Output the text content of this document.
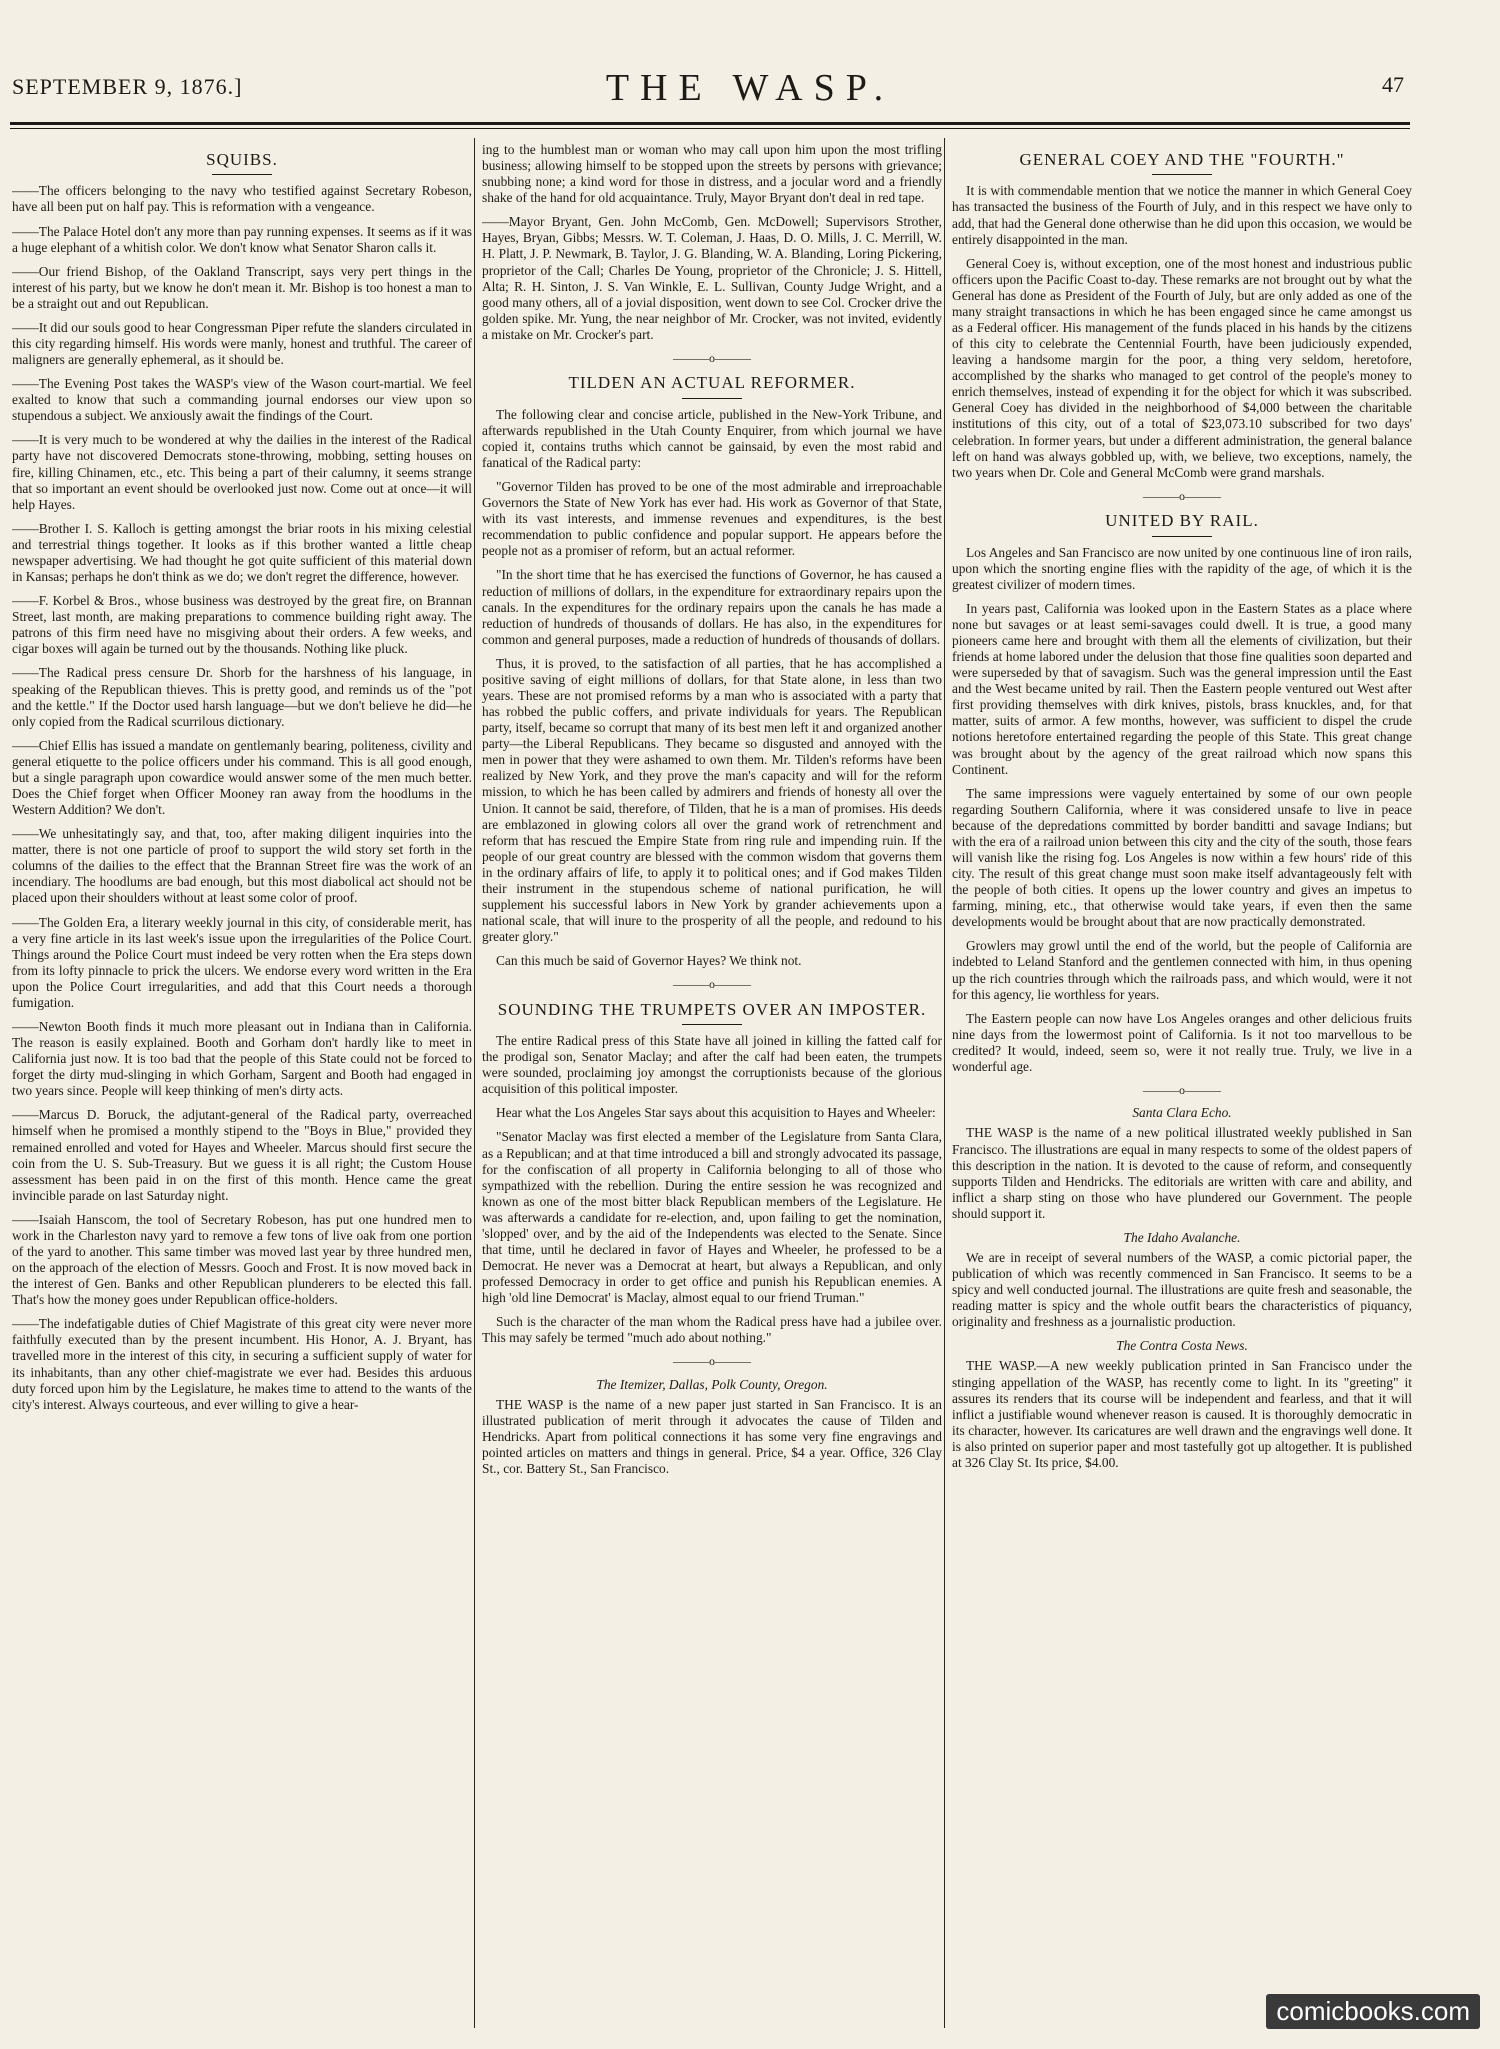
SEPTEMBER 9, 1876.]	THE WASP.	47
SQUIBS.

——The officers belonging to the navy who testified against Secretary Robeson, have all been put on half pay. This is reformation with a vengeance.

——The Palace Hotel don't any more than pay running expenses. It seems as if it was a huge elephant of a whitish color. We don't know what Senator Sharon calls it.

——Our friend Bishop, of the Oakland Transcript, says very pert things in the interest of his party, but we know he don't mean it. Mr. Bishop is too honest a man to be a straight out and out Republican.

——It did our souls good to hear Congressman Piper refute the slanders circulated in this city regarding himself. His words were manly, honest and truthful. The career of maligners are generally ephemeral, as it should be.

——The Evening Post takes the WASP's view of the Wason court-martial. We feel exalted to know that such a commanding journal endorses our view upon so stupendous a subject. We anxiously await the findings of the Court.

——It is very much to be wondered at why the dailies in the interest of the Radical party have not discovered Democrats stone-throwing, mobbing, setting houses on fire, killing Chinamen, etc., etc. This being a part of their calumny, it seems strange that so important an event should be overlooked just now. Come out at once—it will help Hayes.

——Brother I. S. Kalloch is getting amongst the briar roots in his mixing celestial and terrestrial things together. It looks as if this brother wanted a little cheap newspaper advertising. We had thought he got quite sufficient of this material down in Kansas; perhaps he don't think as we do; we don't regret the difference, however.

——F. Korbel & Bros., whose business was destroyed by the great fire, on Brannan Street, last month, are making preparations to commence building right away. The patrons of this firm need have no misgiving about their orders. A few weeks, and cigar boxes will again be turned out by the thousands. Nothing like pluck.

——The Radical press censure Dr. Shorb for the harshness of his language, in speaking of the Republican thieves. This is pretty good, and reminds us of the "pot and the kettle." If the Doctor used harsh language—but we don't believe he did—he only copied from the Radical scurrilous dictionary.

——Chief Ellis has issued a mandate on gentlemanly bearing, politeness, civility and general etiquette to the police officers under his command. This is all good enough, but a single paragraph upon cowardice would answer some of the men much better. Does the Chief forget when Officer Mooney ran away from the hoodlums in the Western Addition? We don't.

——We unhesitatingly say, and that, too, after making diligent inquiries into the matter, there is not one particle of proof to support the wild story set forth in the columns of the dailies to the effect that the Brannan Street fire was the work of an incendiary. The hoodlums are bad enough, but this most diabolical act should not be placed upon their shoulders without at least some color of proof.

——The Golden Era, a literary weekly journal in this city, of considerable merit, has a very fine article in its last week's issue upon the irregularities of the Police Court. Things around the Police Court must indeed be very rotten when the Era steps down from its lofty pinnacle to prick the ulcers. We endorse every word written in the Era upon the Police Court irregularities, and add that this Court needs a thorough fumigation.

——Newton Booth finds it much more pleasant out in Indiana than in California. The reason is easily explained. Booth and Gorham don't hardly like to meet in California just now. It is too bad that the people of this State could not be forced to forget the dirty mud-slinging in which Gorham, Sargent and Booth had engaged in two years since. People will keep thinking of men's dirty acts.

——Marcus D. Boruck, the adjutant-general of the Radical party, overreached himself when he promised a monthly stipend to the "Boys in Blue," provided they remained enrolled and voted for Hayes and Wheeler. Marcus should first secure the coin from the U. S. Sub-Treasury. But we guess it is all right; the Custom House assessment has been paid in on the first of this month. Hence came the great invincible parade on last Saturday night.

——Isaiah Hanscom, the tool of Secretary Robeson, has put one hundred men to work in the Charleston navy yard to remove a few tons of live oak from one portion of the yard to another. This same timber was moved last year by three hundred men, on the approach of the election of Messrs. Gooch and Frost. It is now moved back in the interest of Gen. Banks and other Republican plunderers to be elected this fall. That's how the money goes under Republican office-holders.

——The indefatigable duties of Chief Magistrate of this great city were never more faithfully executed than by the present incumbent. His Honor, A. J. Bryant, has travelled more in the interest of this city, in securing a sufficient supply of water for its inhabitants, than any other chief-magistrate we ever had. Besides this arduous duty forced upon him by the Legislature, he makes time to attend to the wants of the city's interest. Always courteous, and ever willing to give a hear-

ing to the humblest man or woman who may call upon him upon the most trifling business; allowing himself to be stopped upon the streets by persons with grievance; snubbing none; a kind word for those in distress, and a jocular word and a friendly shake of the hand for old acquaintance. Truly, Mayor Bryant don't deal in red tape.

——Mayor Bryant, Gen. John McComb, Gen. McDowell; Supervisors Strother, Hayes, Bryan, Gibbs; Messrs. W. T. Coleman, J. Haas, D. O. Mills, J. C. Merrill, W. H. Platt, J. P. Newmark, B. Taylor, J. G. Blanding, W. A. Blanding, Loring Pickering, proprietor of the Call; Charles De Young, proprietor of the Chronicle; J. S. Hittell, Alta; R. H. Sinton, J. S. Van Winkle, E. L. Sullivan, County Judge Wright, and a good many others, all of a jovial disposition, went down to see Col. Crocker drive the golden spike. Mr. Yung, the near neighbor of Mr. Crocker, was not invited, evidently a mistake on Mr. Crocker's part.

———o———
TILDEN AN ACTUAL REFORMER.

The following clear and concise article, published in the New-York Tribune, and afterwards republished in the Utah County Enquirer, from which journal we have copied it, contains truths which cannot be gainsaid, by even the most rabid and fanatical of the Radical party:

"Governor Tilden has proved to be one of the most admirable and irreproachable Governors the State of New York has ever had. His work as Governor of that State, with its vast interests, and immense revenues and expenditures, is the best recommendation to public confidence and popular support. He appears before the people not as a promiser of reform, but an actual reformer.

"In the short time that he has exercised the functions of Governor, he has caused a reduction of millions of dollars, in the expenditure for extraordinary repairs upon the canals. In the expenditures for the ordinary repairs upon the canals he has made a reduction of hundreds of thousands of dollars. He has also, in the expenditures for common and general purposes, made a reduction of hundreds of thousands of dollars.

Thus, it is proved, to the satisfaction of all parties, that he has accomplished a positive saving of eight millions of dollars, for that State alone, in less than two years. These are not promised reforms by a man who is associated with a party that has robbed the public coffers, and private individuals for years. The Republican party, itself, became so corrupt that many of its best men left it and organized another party—the Liberal Republicans. They became so disgusted and annoyed with the men in power that they were ashamed to own them. Mr. Tilden's reforms have been realized by New York, and they prove the man's capacity and will for the reform mission, to which he has been called by admirers and friends of honesty all over the Union. It cannot be said, therefore, of Tilden, that he is a man of promises. His deeds are emblazoned in glowing colors all over the grand work of retrenchment and reform that has rescued the Empire State from ring rule and impending ruin. If the people of our great country are blessed with the common wisdom that governs them in the ordinary affairs of life, to apply it to political ones; and if God makes Tilden their instrument in the stupendous scheme of national purification, he will supplement his successful labors in New York by grander achievements upon a national scale, that will inure to the prosperity of all the people, and redound to his greater glory."

Can this much be said of Governor Hayes? We think not.

———o———
SOUNDING THE TRUMPETS OVER AN IMPOSTER.

The entire Radical press of this State have all joined in killing the fatted calf for the prodigal son, Senator Maclay; and after the calf had been eaten, the trumpets were sounded, proclaiming joy amongst the corruptionists because of the glorious acquisition of this political imposter.

Hear what the Los Angeles Star says about this acquisition to Hayes and Wheeler:

"Senator Maclay was first elected a member of the Legislature from Santa Clara, as a Republican; and at that time introduced a bill and strongly advocated its passage, for the confiscation of all property in California belonging to all of those who sympathized with the rebellion. During the entire session he was recognized and known as one of the most bitter black Republican members of the Legislature. He was afterwards a candidate for re-election, and, upon failing to get the nomination, 'slopped' over, and by the aid of the Independents was elected to the Senate. Since that time, until he declared in favor of Hayes and Wheeler, he professed to be a Democrat. He never was a Democrat at heart, but always a Republican, and only professed Democracy in order to get office and punish his Republican enemies. A high 'old line Democrat' is Maclay, almost equal to our friend Truman."

Such is the character of the man whom the Radical press have had a jubilee over. This may safely be termed "much ado about nothing."

———o———
The Itemizer, Dallas, Polk County, Oregon.

THE WASP is the name of a new paper just started in San Francisco. It is an illustrated publication of merit through it advocates the cause of Tilden and Hendricks. Apart from political connections it has some very fine engravings and pointed articles on matters and things in general. Price, $4 a year. Office, 326 Clay St., cor. Battery St., San Francisco.

GENERAL COEY AND THE "FOURTH."

It is with commendable mention that we notice the manner in which General Coey has transacted the business of the Fourth of July, and in this respect we have only to add, that had the General done otherwise than he did upon this occasion, we would be entirely disappointed in the man.

General Coey is, without exception, one of the most honest and industrious public officers upon the Pacific Coast to-day. These remarks are not brought out by what the General has done as President of the Fourth of July, but are only added as one of the many straight transactions in which he has been engaged since he came amongst us as a Federal officer. His management of the funds placed in his hands by the citizens of this city to celebrate the Centennial Fourth, have been judiciously expended, leaving a handsome margin for the poor, a thing very seldom, heretofore, accomplished by the sharks who managed to get control of the people's money to enrich themselves, instead of expending it for the object for which it was subscribed. General Coey has divided in the neighborhood of $4,000 between the charitable institutions of this city, out of a total of $23,073.10 subscribed for two days' celebration. In former years, but under a different administration, the general balance left on hand was always gobbled up, with, we believe, two exceptions, namely, the two years when Dr. Cole and General McComb were grand marshals.

———o———
UNITED BY RAIL.

Los Angeles and San Francisco are now united by one continuous line of iron rails, upon which the snorting engine flies with the rapidity of the age, of which it is the greatest civilizer of modern times.

In years past, California was looked upon in the Eastern States as a place where none but savages or at least semi-savages could dwell. It is true, a good many pioneers came here and brought with them all the elements of civilization, but their friends at home labored under the delusion that those fine qualities soon departed and were superseded by that of savagism. Such was the general impression until the East and the West became united by rail. Then the Eastern people ventured out West after first providing themselves with dirk knives, pistols, brass knuckles, and, for that matter, suits of armor. A few months, however, was sufficient to dispel the crude notions heretofore entertained regarding the people of this State. This great change was brought about by the agency of the great railroad which now spans this Continent.

The same impressions were vaguely entertained by some of our own people regarding Southern California, where it was considered unsafe to live in peace because of the depredations committed by border banditti and savage Indians; but with the era of a railroad union between this city and the city of the south, those fears will vanish like the rising fog. Los Angeles is now within a few hours' ride of this city. The result of this great change must soon make itself advantageously felt with the people of both cities. It opens up the lower country and gives an impetus to farming, mining, etc., that otherwise would take years, if even then the same developments would be brought about that are now practically demonstrated.

Growlers may growl until the end of the world, but the people of California are indebted to Leland Stanford and the gentlemen connected with him, in thus opening up the rich countries through which the railroads pass, and which would, were it not for this agency, lie worthless for years.

The Eastern people can now have Los Angeles oranges and other delicious fruits nine days from the lowermost point of California. Is it not too marvellous to be credited? It would, indeed, seem so, were it not really true. Truly, we live in a wonderful age.

———o———
Santa Clara Echo.

THE WASP is the name of a new political illustrated weekly published in San Francisco. The illustrations are equal in many respects to some of the oldest papers of this description in the nation. It is devoted to the cause of reform, and consequently supports Tilden and Hendricks. The editorials are written with care and ability, and inflict a sharp sting on those who have plundered our Government. The people should support it.

The Idaho Avalanche.

We are in receipt of several numbers of the WASP, a comic pictorial paper, the publication of which was recently commenced in San Francisco. It seems to be a spicy and well conducted journal. The illustrations are quite fresh and seasonable, the reading matter is spicy and the whole outfit bears the characteristics of piquancy, originality and freshness as a journalistic production.

The Contra Costa News.

THE WASP.—A new weekly publication printed in San Francisco under the stinging appellation of the WASP, has recently come to light. In its "greeting" it assures its renders that its course will be independent and fearless, and that it will inflict a justifiable wound whenever reason is caused. It is thoroughly democratic in its character, however. Its caricatures are well drawn and the engravings well done. It is also printed on superior paper and most tastefully got up altogether. It is published at 326 Clay St. Its price, $4.00.

comicbooks.com
